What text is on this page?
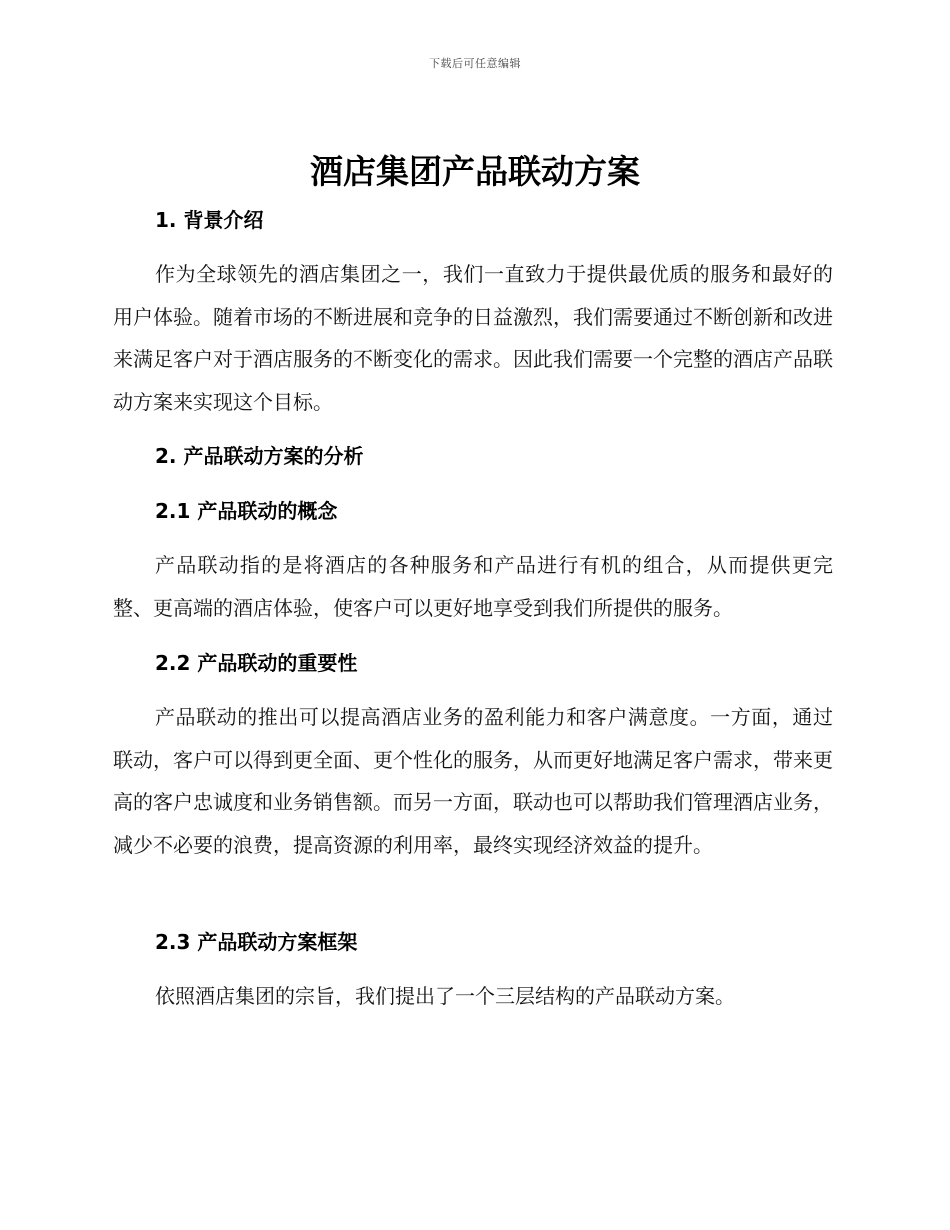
下载后可任意编辑
酒店集团产品联动方案
1. 背景介绍

作为全球领先的酒店集团之一，我们一直致力于提供最优质的服务和最好的用户体验。随着市场的不断进展和竞争的日益激烈，我们需要通过不断创新和改进来满足客户对于酒店服务的不断变化的需求。因此我们需要一个完整的酒店产品联动方案来实现这个目标。

2. 产品联动方案的分析
2.1 产品联动的概念

产品联动指的是将酒店的各种服务和产品进行有机的组合，从而提供更完整、更高端的酒店体验，使客户可以更好地享受到我们所提供的服务。

2.2 产品联动的重要性

产品联动的推出可以提高酒店业务的盈利能力和客户满意度。一方面，通过联动，客户可以得到更全面、更个性化的服务，从而更好地满足客户需求，带来更高的客户忠诚度和业务销售额。而另一方面，联动也可以帮助我们管理酒店业务，减少不必要的浪费，提高资源的利用率，最终实现经济效益的提升。

2.3 产品联动方案框架

依照酒店集团的宗旨，我们提出了一个三层结构的产品联动方案。
